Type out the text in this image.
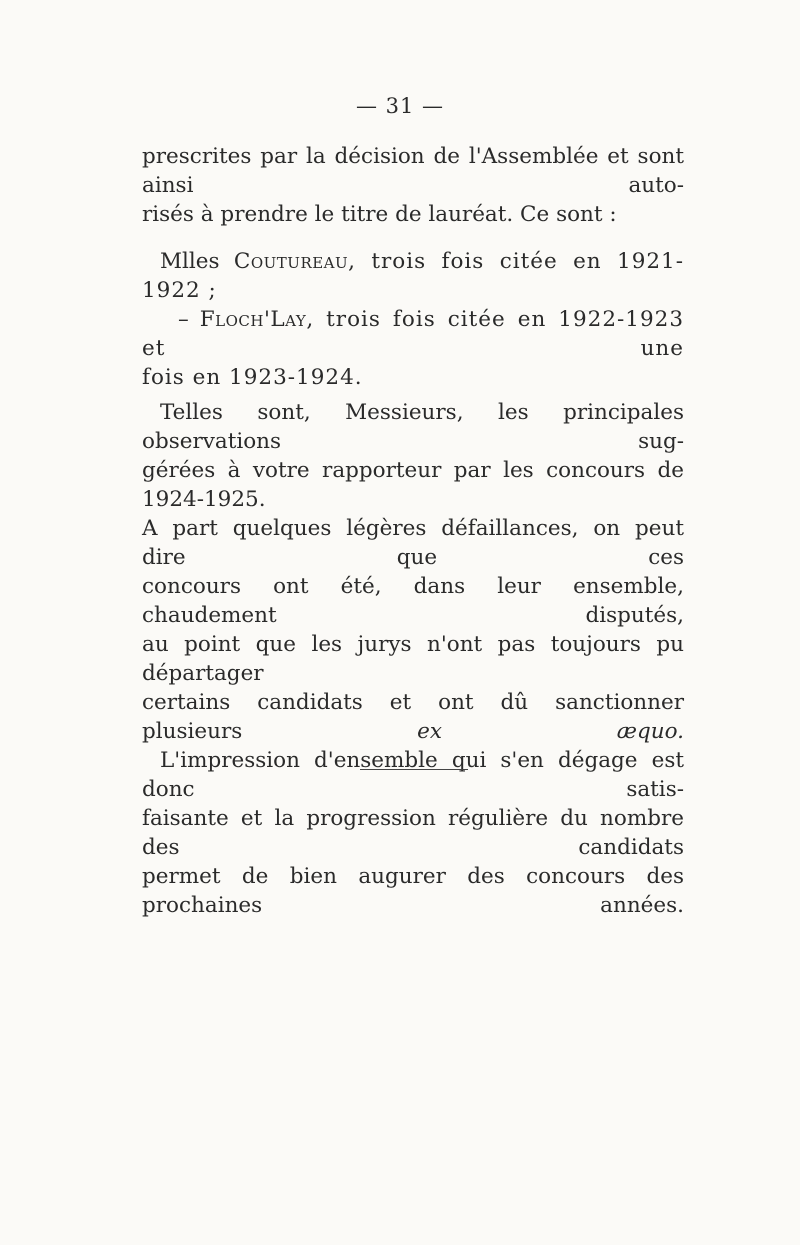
— 31 —

prescrites par la décision de l'Assemblée et sont ainsi auto-

risés à prendre le titre de lauréat. Ce sont :

Mlles Coutureau, trois fois citée en 1921-1922 ;

– Floch'Lay, trois fois citée en 1922-1923 et une

fois en 1923-1924.

Telles sont, Messieurs, les principales observations sug-

gérées à votre rapporteur par les concours de 1924-1925.

A part quelques légères défaillances, on peut dire que ces

concours ont été, dans leur ensemble, chaudement disputés,

au point que les jurys n'ont pas toujours pu départager

certains candidats et ont dû sanctionner plusieurs ex æquo.

L'impression d'ensemble qui s'en dégage est donc satis-

faisante et la progression régulière du nombre des candidats

permet de bien augurer des concours des prochaines années.
